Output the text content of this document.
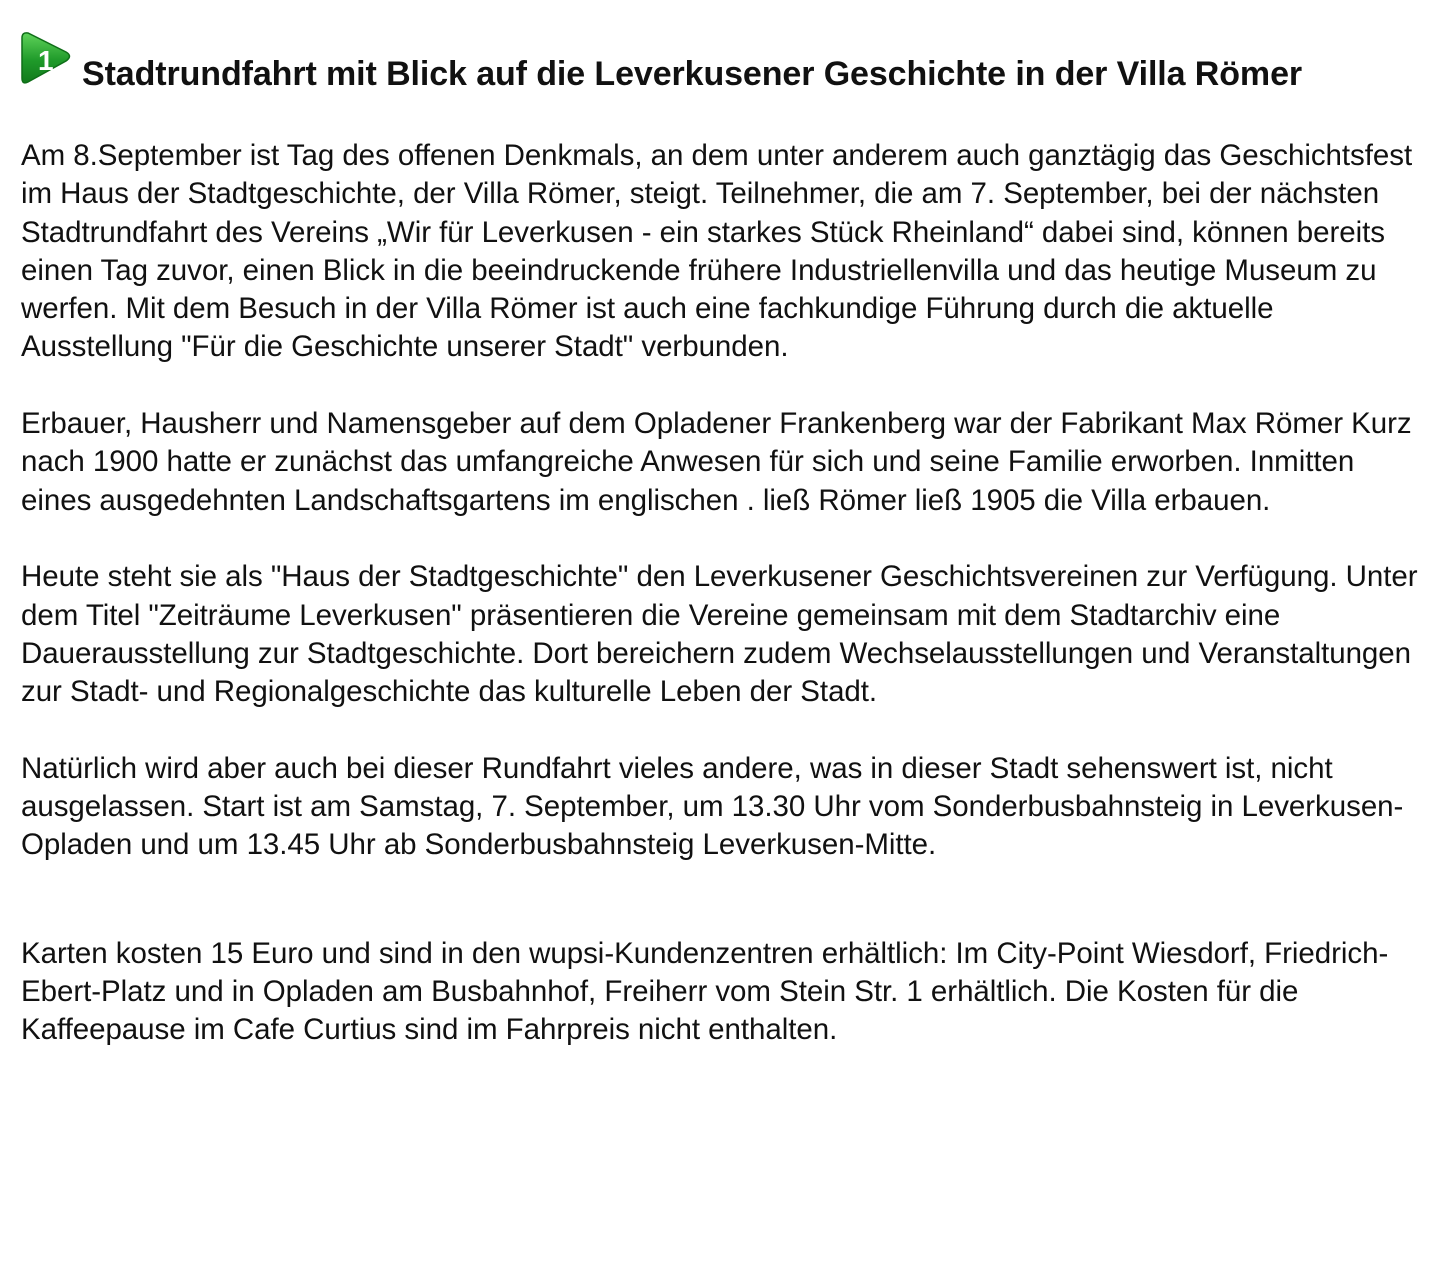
1 Stadtrundfahrt mit Blick auf die Leverkusener Geschichte in der Villa Römer

Am 8.September ist Tag des offenen Denkmals, an dem unter anderem auch ganztägig das Geschichtsfest im Haus der Stadtgeschichte, der Villa Römer, steigt. Teilnehmer, die am 7. September, bei der nächsten Stadtrundfahrt des Vereins „Wir für Leverkusen - ein starkes Stück Rheinland“ dabei sind, können bereits einen Tag zuvor, einen Blick in die beeindruckende frühere Industriellenvilla und das heutige Museum zu werfen. Mit dem Besuch in der Villa Römer ist auch eine fachkundige Führung durch die aktuelle Ausstellung "Für die Geschichte unserer Stadt" verbunden.

Erbauer, Hausherr und Namensgeber auf dem Opladener Frankenberg war der Fabrikant Max Römer Kurz nach 1900 hatte er zunächst das umfangreiche Anwesen für sich und seine Familie erworben. Inmitten eines ausgedehnten Landschaftsgartens im englischen . ließ Römer ließ 1905 die Villa erbauen.

Heute steht sie als "Haus der Stadtgeschichte" den Leverkusener Geschichtsvereinen zur Verfügung. Unter dem Titel "Zeiträume Leverkusen" präsentieren die Vereine gemeinsam mit dem Stadtarchiv eine Dauerausstellung zur Stadtgeschichte. Dort bereichern zudem Wechselausstellungen und Veranstaltungen zur Stadt- und Regionalgeschichte das kulturelle Leben der Stadt.

Natürlich wird aber auch bei dieser Rundfahrt vieles andere, was in dieser Stadt sehenswert ist, nicht ausgelassen. Start ist am Samstag, 7. September, um 13.30 Uhr vom Sonderbusbahnsteig in Leverkusen-Opladen und um 13.45 Uhr ab Sonderbusbahnsteig Leverkusen-Mitte.

Karten kosten 15 Euro und sind in den wupsi-Kundenzentren erhältlich: Im City-Point Wiesdorf, Friedrich-Ebert-Platz und in Opladen am Busbahnhof, Freiherr vom Stein Str. 1 erhältlich. Die Kosten für die Kaffeepause im Cafe Curtius sind im Fahrpreis nicht enthalten.
